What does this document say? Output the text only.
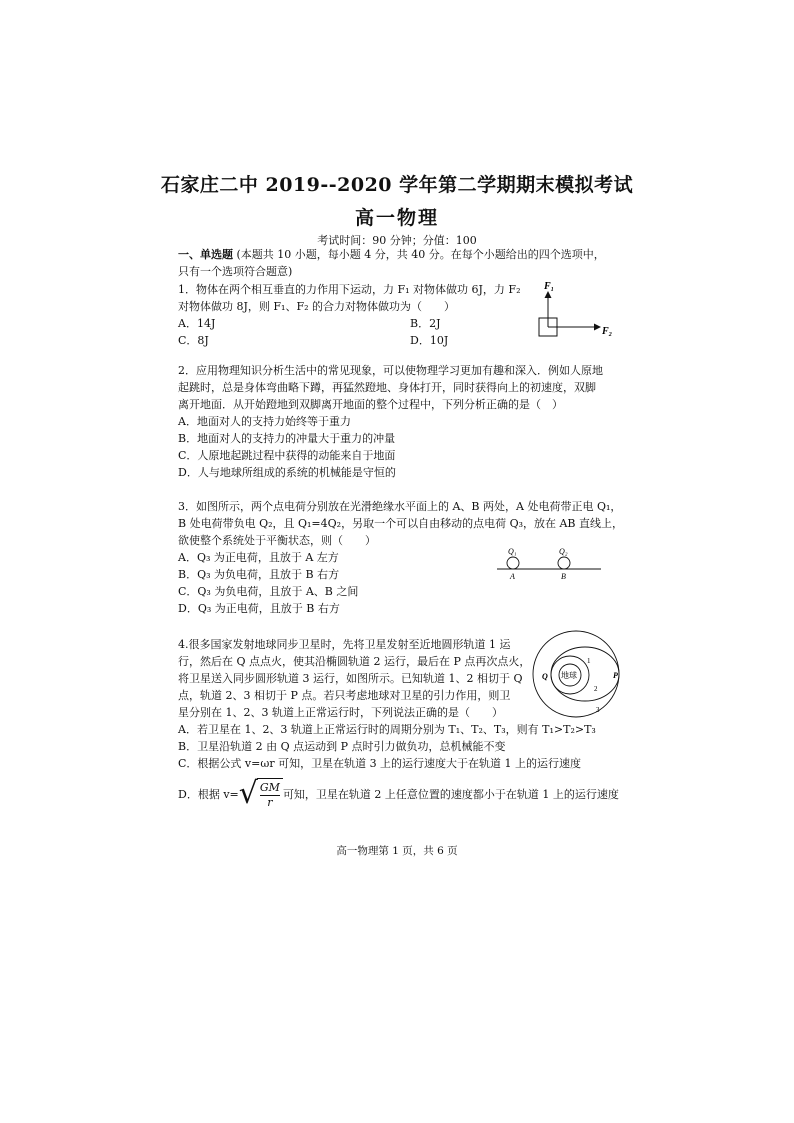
石家庄二中 2019--2020 学年第二学期期末模拟考试
高一物理
考试时间：90 分钟；分值：100
一、单选题 (本题共 10 小题，每小题 4 分，共 40 分。在每个小题给出的四个选项中，
只有一个选项符合题意)
1．物体在两个相互垂直的力作用下运动，力 F₁ 对物体做功 6J，力 F₂
对物体做功 8J，则 F₁、F₂ 的合力对物体做功为（　　）
A．14J	B．2J
C．8J	D．10J
F₁
F₂
2．应用物理知识分析生活中的常见现象，可以使物理学习更加有趣和深入．例如人原地
起跳时，总是身体弯曲略下蹲，再猛然蹬地、身体打开，同时获得向上的初速度，双脚
离开地面．从开始蹬地到双脚离开地面的整个过程中，下列分析正确的是（　）
A．地面对人的支持力始终等于重力
B．地面对人的支持力的冲量大于重力的冲量
C．人原地起跳过程中获得的动能来自于地面
D．人与地球所组成的系统的机械能是守恒的
3．如图所示，两个点电荷分别放在光滑绝缘水平面上的 A、B 两处，A 处电荷带正电 Q₁，
B 处电荷带负电 Q₂，且 Q₁=4Q₂，另取一个可以自由移动的点电荷 Q₃，放在 AB 直线上，
欲使整个系统处于平衡状态，则（　　）
A．Q₃ 为正电荷，且放于 A 左方
B．Q₃ 为负电荷，且放于 B 右方
C．Q₃ 为负电荷，且放于 A、B 之间
D．Q₃ 为正电荷，且放于 B 右方
Q₁	Q₂
A	B
4.很多国家发射地球同步卫星时，先将卫星发射至近地圆形轨道 1 运
行，然后在 Q 点点火，使其沿椭圆轨道 2 运行，最后在 P 点再次点火，
将卫星送入同步圆形轨道 3 运行，如图所示。已知轨道 1、2 相切于 Q
点，轨道 2、3 相切于 P 点。若只考虑地球对卫星的引力作用，则卫
星分别在 1、2、3 轨道上正常运行时，下列说法正确的是（　　）
A．若卫星在 1、2、3 轨道上正常运行时的周期分别为 T₁、T₂、T₃，则有 T₁>T₂>T₃
B．卫星沿轨道 2 由 Q 点运动到 P 点时引力做负功，总机械能不变
C．根据公式 v=ωr 可知，卫星在轨道 3 上的运行速度大于在轨道 1 上的运行速度
D．根据 v= √ $\frac{GM}{r}$ 可知，卫星在轨道 2 上任意位置的速度都小于在轨道 1 上的运行速度
地球
Q	P
1
2
3
高一物理第 1 页，共 6 页
